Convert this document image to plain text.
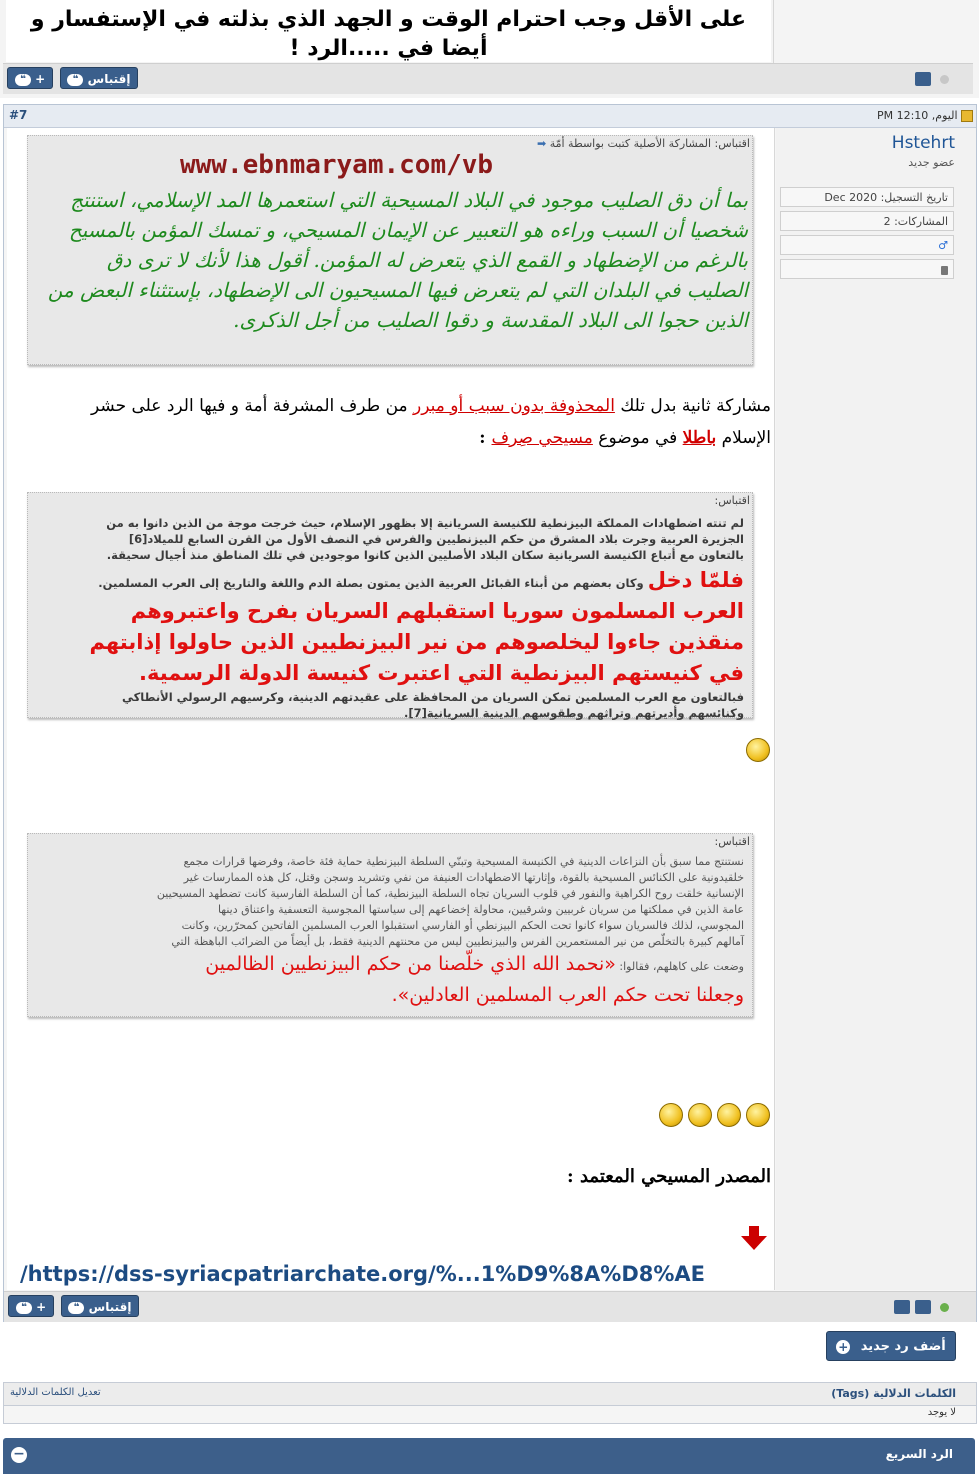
على الأقل وجب احترام الوقت و الجهد الذي بذلته في الإستفسار و
أيضا في .....الرد !
❝ +	❝ إقتباس
#7	اليوم, 12:10 PM
اقتباس: المشاركة الأصلية كتبت بواسطة أمّة ➡
www.ebnmaryam.com/vb
بما أن دق الصليب موجود في البلاد المسيحية التي استعمرها المد الإسلامي، استنتج شخصيا أن السبب وراءه هو التعبير عن الإيمان المسيحي، و تمسك المؤمن بالمسيح بالرغم من الإضطهاد و القمع الذي يتعرض له المؤمن. أقول هذا لأنك لا ترى دق الصليب في البلدان التي لم يتعرض فيها المسيحيون الى الإضطهاد، بإستثناء البعض من الذين حجوا الى البلاد المقدسة و دقوا الصليب من أجل الذكرى.
مشاركة ثانية بدل تلك المحذوفة بدون سبب أو مبرر من طرف المشرفة أمة و فيها الرد على حشر
الإسلام باطلا في موضوع مسيحي صِرف :
اقتباس:
لم تنته اضطهادات المملكة البيزنطية للكنيسة السريانية إلا بظهور الإسلام، حيث خرجت موجة من الذين دانوا به من
الجزيرة العربية وجرت بلاد المشرق من حكم البيزنطيين والفرس في النصف الأول من القرن السابع للميلاد[6]
بالتعاون مع أتباع الكنيسة السريانية سكان البلاد الأصليين الذين كانوا موجودين في تلك المناطق منذ أجيال سحيقة.
فلمّا دخل وكان بعضهم من أبناء القبائل العربية الذين يمتون بصلة الدم واللغة والتاريخ إلى العرب المسلمين.
العرب المسلمون سوريا استقبلهم السريان بفرح واعتبروهم
منقذين جاءوا ليخلصوهم من نير البيزنطيين الذين حاولوا إذابتهم
في كنيستهم البيزنطية التي اعتبرت كنيسة الدولة الرسمية.
فبالتعاون مع العرب المسلمين تمكن السريان من المحافظة على عقيدتهم الدينية، وكرسيهم الرسولي الأنطاكي
وكنائسهم وأديرتهم وتراثهم وطقوسهم الدينية السريانية[7].
اقتباس:
نستنتج مما سبق بأن النزاعات الدينية في الكنيسة المسيحية وتبنّي السلطة البيزنطية حماية فئة خاصة، وفرضها قرارات مجمع
خلقيدونية على الكنائس المسيحية بالقوة، وإثارتها الاضطهادات العنيفة من نفي وتشريد وسجن وقتل، كل هذه الممارسات غير
الإنسانية خلقت روح الكراهية والنفور في قلوب السريان تجاه السلطة البيزنطية، كما أن السلطة الفارسية كانت تضطهد المسيحيين
عامة الذين في مملكتها من سريان غربيين وشرقيين، محاولة إخضاعهم إلى سياستها المجوسية التعسفية واعتناق دينها
المجوسي، لذلك فالسريان سواء كانوا تحت الحكم البيزنطي أو الفارسي استقبلوا العرب المسلمين الفاتحين كمحرّرين، وكانت
آمالهم كبيرة بالتخلّص من نير المستعمرين الفرس والبيزنطيين ليس من محنتهم الدينية فقط، بل أيضاً من الضرائب الباهظة التي
وضعت على كاهلهم، فقالوا: «نحمد الله الذي خلّصنا من حكم البيزنطيين الظالمين
وجعلنا تحت حكم العرب المسلمين العادلين».
المصدر المسيحي المعتمد :
/https://dss-syriacpatriarchate.org/%...1%D9%8A%D8%AE
Hstehrt
عضو جديد
تاريخ التسجيل: Dec 2020
المشاركات: 2
♂
❝ +	❝ إقتباس
أضف رد جديد +
الكلمات الدلالية (Tags)
تعديل الكلمات الدلالية
لا يوجد
الرد السريع
−
